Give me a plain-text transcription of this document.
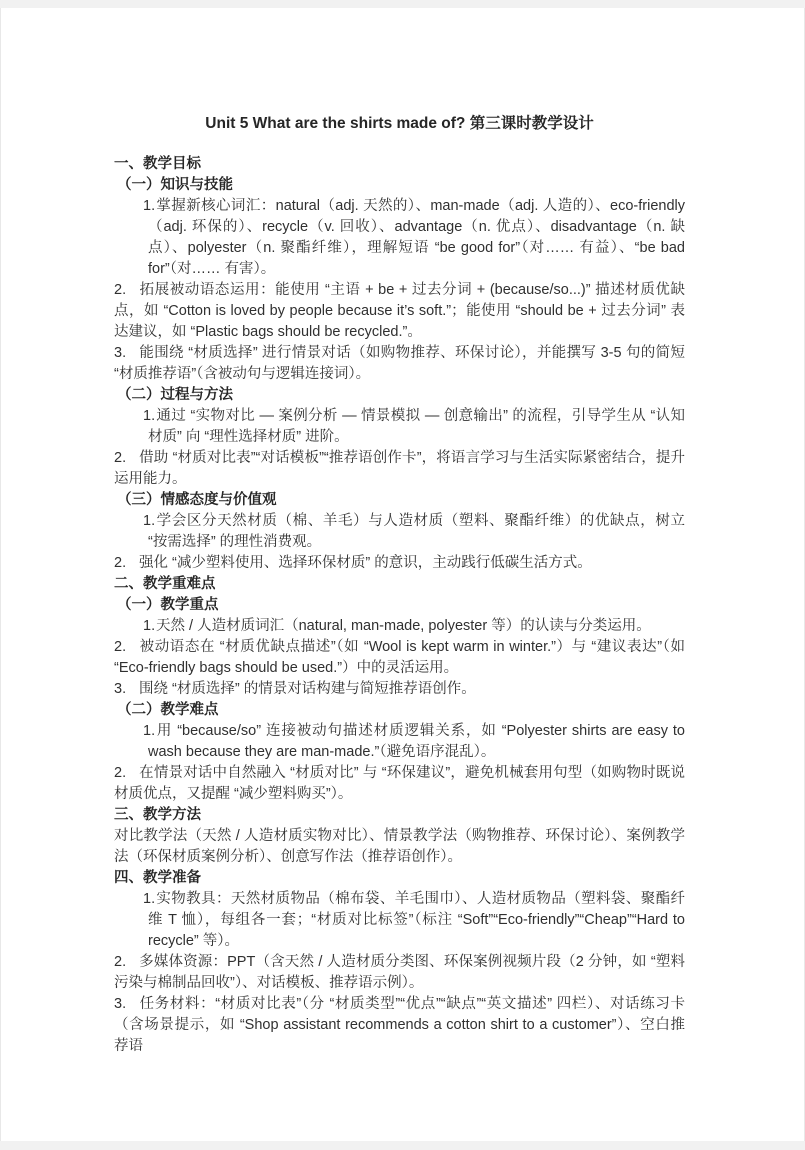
Unit 5 What are the shirts made of? 第三课时教学设计

一、教学目标

（一）知识与技能

1.掌握新核心词汇：natural（adj. 天然的）、man-made（adj. 人造的）、eco-friendly（adj. 环保的）、recycle（v. 回收）、advantage（n. 优点）、disadvantage（n. 缺点）、polyester（n. 聚酯纤维），理解短语 “be good for”（对…… 有益）、“be bad for”（对…… 有害）。

2. 拓展被动语态运用：能使用 “主语 + be + 过去分词 + (because/so...)” 描述材质优缺点，如 “Cotton is loved by people because it’s soft.”；能使用 “should be + 过去分词” 表达建议，如 “Plastic bags should be recycled.”。

3. 能围绕 “材质选择” 进行情景对话（如购物推荐、环保讨论），并能撰写 3-5 句的简短 “材质推荐语”（含被动句与逻辑连接词）。

（二）过程与方法

1.通过 “实物对比 — 案例分析 — 情景模拟 — 创意输出” 的流程，引导学生从 “认知材质” 向 “理性选择材质” 进阶。

2. 借助 “材质对比表”“对话模板”“推荐语创作卡”，将语言学习与生活实际紧密结合，提升运用能力。

（三）情感态度与价值观

1.学会区分天然材质（棉、羊毛）与人造材质（塑料、聚酯纤维）的优缺点，树立 “按需选择” 的理性消费观。

2. 强化 “减少塑料使用、选择环保材质” 的意识，主动践行低碳生活方式。

二、教学重难点

（一）教学重点

1.天然 / 人造材质词汇（natural, man-made, polyester 等）的认读与分类运用。

2. 被动语态在 “材质优缺点描述”（如 “Wool is kept warm in winter.”）与 “建议表达”（如 “Eco-friendly bags should be used.”）中的灵活运用。

3. 围绕 “材质选择” 的情景对话构建与简短推荐语创作。

（二）教学难点

1.用 “because/so” 连接被动句描述材质逻辑关系，如 “Polyester shirts are easy to wash because they are man-made.”（避免语序混乱）。

2. 在情景对话中自然融入 “材质对比” 与 “环保建议”，避免机械套用句型（如购物时既说材质优点，又提醒 “减少塑料购买”）。

三、教学方法

对比教学法（天然 / 人造材质实物对比）、情景教学法（购物推荐、环保讨论）、案例教学法（环保材质案例分析）、创意写作法（推荐语创作）。

四、教学准备

1.实物教具：天然材质物品（棉布袋、羊毛围巾）、人造材质物品（塑料袋、聚酯纤维 T 恤），每组各一套；“材质对比标签”（标注 “Soft”“Eco-friendly”“Cheap”“Hard to recycle” 等）。

2. 多媒体资源：PPT（含天然 / 人造材质分类图、环保案例视频片段（2 分钟，如 “塑料污染与棉制品回收”）、对话模板、推荐语示例）。

3. 任务材料：“材质对比表”（分 “材质类型”“优点”“缺点”“英文描述” 四栏）、对话练习卡（含场景提示，如 “Shop assistant recommends a cotton shirt to a customer”）、空白推荐语
